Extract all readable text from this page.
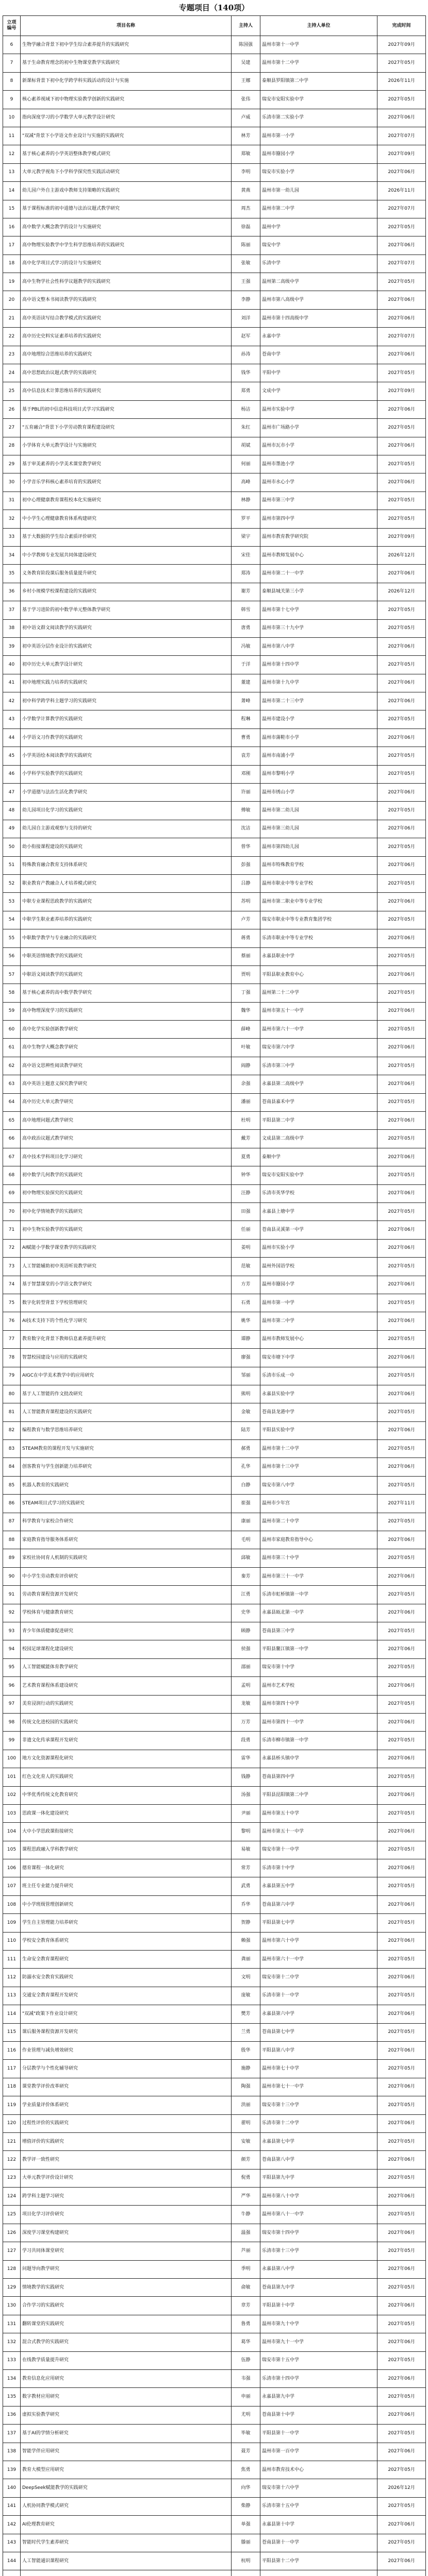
专题项目（140项）
立项
编号	项目名称	主持人	主持人单位	完成时间
6	生物学融合背景下初中学生综合素养提升的实践研究	陈国强	温州市第十一中学	2027年09月
7	基于生命教育理念的初中生物课堂教学实践研究	吴建	温州市第十二中学	2027年05月
8	新课标背景下初中化学跨学科实践活动的设计与实施	王娜	泰顺县罗阳镇第二中学	2026年11月
9	核心素养视域下初中物理实验教学创新的实践研究	张伟	瑞安市安阳实验中学	2027年05月
10	指向深度学习的小学数学大单元教学设计研究	卢威	乐清市第二实验小学	2027年06月
11	"双减"背景下小学语文作业设计与实施的实践研究	林芳	温州市第一小学	2027年07月
12	基于核心素养的小学英语整体教学模式研究	郑敏	温州市籀园小学	2027年09月
13	大单元教学视角下小学科学探究性实践活动研究	李明	瑞安市实验小学	2027年06月
14	幼儿园户外自主游戏中教师支持策略的实践研究	黄燕	温州市第一幼儿园	2026年11月
15	基于课程标准的初中道德与法治议题式教学研究	周杰	温州市第二中学	2027年07月
16	高中数学大概念教学的设计与实施研究	徐磊	温州中学	2027年05月
17	高中物理实验教学中学生科学思维培养的实践研究	陈丽	瑞安中学	2027年06月
18	高中化学项目式学习的设计与实施研究	张敏	乐清中学	2027年07月
19	高中生物学社会性科学议题教学的实践研究	王强	温州第二高级中学	2027年05月
20	高中语文整本书阅读教学的实践研究	李静	温州市第八高级中学	2027年06月
21	高中英语读写结合教学模式的实践研究	刘洋	温州市第十四高级中学	2027年06月
22	高中历史史料实证素养培养的实践研究	赵军	永嘉中学	2027年07月
23	高中地理综合思维培养的实践研究	孙涛	苍南中学	2027年06月
24	高中思想政治议题式教学的实践研究	钱华	平阳中学	2027年05月
25	高中信息技术计算思维培养的实践研究	郑勇	文成中学	2027年09月
26	基于PBL的初中信息科技项目式学习实践研究	杨洁	温州市实验中学	2027年06月
27	"五育融合"背景下小学劳动教育课程建设研究	朱红	温州市广场路小学	2027年05月
28	小学体育大单元教学设计与实施研究	胡斌	温州市瓦市小学	2027年06月
29	基于审美素养的小学美术课堂教学研究	何丽	温州市墨池小学	2027年05月
30	小学音乐学科核心素养培育的实践研究	高峰	温州市水心小学	2027年06月
31	初中心理健康教育课程校本化实施研究	林静	温州市第三中学	2027年05月
32	中小学生心理健康教育体系构建研究	罗平	温州市第四中学	2027年05月
33	基于大数据的学生综合素质评价研究	梁宇	温州市教育教学研究院	2027年09月
34	中小学教师专业发展共同体建设研究	宋佳	温州市教师发展中心	2026年12月
35	义务教育阶段课后服务质量提升研究	郑涛	温州市第二十一中学	2027年06月
36	乡村小规模学校课程建设的实践研究	谢芳	泰顺县城关第三小学	2026年12月
37	基于学习进阶的初中数学单元整体教学研究	韩雪	温州市第十七中学	2027年05月
38	初中语文群文阅读教学的实践研究	唐勇	温州市第三十九中学	2027年05月
39	初中英语分层作业设计的实践研究	冯敏	温州市第八中学	2027年06月
40	初中历史大单元教学设计研究	于洋	温州市第十四中学	2027年05月
41	初中地理实践力培养的实践研究	董建	温州市第十九中学	2027年06月
42	初中科学跨学科主题学习的实践研究	萧峰	温州市第二十三中学	2027年06月
43	小学数学计算教学的实践研究	程琳	温州市建设小学	2027年05月
44	小学语文习作教学的实践研究	曹勇	温州市蒲鞋市小学	2027年06月
45	小学英语绘本阅读教学的实践研究	袁芳	温州市南浦小学	2027年05月
46	小学科学实验教学的实践研究	邓刚	温州市黎明小学	2027年05月
47	小学道德与法治生活化教学研究	许丽	温州市绣山小学	2027年06月
48	幼儿园项目化学习的实践研究	傅敏	温州市第二幼儿园	2027年05月
49	幼儿园自主游戏观察与支持的研究	沈洁	温州市第三幼儿园	2027年06月
50	幼小衔接课程建设的实践研究	曾华	温州市第四幼儿园	2027年05月
51	特殊教育融合教育支持体系研究	彭强	温州市特殊教育学校	2027年06月
52	职业教育产教融合人才培养模式研究	吕静	温州市职业中等专业学校	2027年05月
53	中职专业课程思政教学的实践研究	苏明	温州市第二职业中等专业学校	2027年06月
54	中职学生职业素养培养的实践研究	卢芳	瑞安市职业中等专业教育集团学校	2027年05月
55	中职数学教学与专业融合的实践研究	蒋勇	乐清市职业中等专业学校	2027年06月
56	中职英语情境教学的实践研究	蔡丽	永嘉县职业中学	2027年05月
57	中职语文阅读教学的实践研究	贾明	平阳县职业教育中心	2027年06月
58	基于核心素养的高中数学教学研究	丁强	温州第二十二中学	2027年05月
59	高中物理深度学习的实践研究	魏华	温州市第五十一中学	2027年06月
60	高中化学实验创新教学研究	薛峰	温州市第六十一中学	2027年05月
61	高中生物学大概念教学研究	叶敏	瑞安市第六中学	2027年06月
62	高中语文思辨性阅读教学研究	阎静	乐清市第三中学	2027年05月
63	高中英语主题意义探究教学研究	余强	永嘉县第二高级中学	2027年06月
64	高中历史大单元教学研究	潘丽	苍南县嘉禾中学	2027年05月
65	高中地理问题式教学研究	杜明	平阳县第二中学	2027年06月
66	高中政治议题式教学研究	戴芳	文成县第二高级中学	2027年05月
67	高中技术学科项目化学习研究	夏勇	泰顺中学	2027年06月
68	初中数学几何教学的实践研究	钟华	瑞安市安阳实验中学	2027年05月
69	初中物理实验探究的实践研究	汪静	乐清市英华学校	2027年06月
70	初中化学情境教学的实践研究	田强	永嘉县上塘中学	2027年05月
71	初中生物实验教学的实践研究	任丽	苍南县灵溪第一中学	2027年06月
72	AI赋能小学数学课堂教学的实践研究	姜明	温州市实验小学	2027年06月
73	人工智能辅助初中英语听说教学研究	范敏	温州外国语学校	2027年05月
74	基于智慧课堂的小学语文教学研究	方芳	温州市籀园小学	2027年06月
75	数字化转型背景下学校管理研究	石勇	温州市第一中学	2027年05月
76	AI技术支持下的个性化学习研究	姚华	温州市第二中学	2027年06月
77	教育数字化背景下教师信息素养提升研究	谭静	温州市教师发展中心	2027年05月
78	智慧校园建设与应用的实践研究	廖强	瑞安市塘下中学	2027年06月
79	AIGC在中学美术教学中的应用研究	邹丽	乐清市乐成一中	2027年05月
80	基于人工智能的作文批改研究	熊明	永嘉县实验中学	2027年06月
81	人工智能教育课程建设的实践研究	金敏	苍南县龙港中学	2027年05月
82	编程教育与数学思维培养研究	陆芳	平阳县实验中学	2027年06月
83	STEAM教育的课程开发与实施研究	郝勇	温州市第十二中学	2027年05月
84	创客教育与学生创新能力培养研究	孔华	温州市第十三中学	2027年06月
85	机器人教育的实践研究	白静	瑞安市第八中学	2027年05月
86	STEAM项目式学习的实践研究	崔强	温州市少年宫	2027年11月
87	科学教育与家校合作研究	康丽	温州市第二十中学	2027年05月
88	家庭教育指导服务体系研究	毛明	温州市家庭教育指导中心	2027年06月
89	家校社协同育人机制的实践研究	邱敏	温州市第三十中学	2027年05月
90	中小学生劳动教育评价研究	秦芳	温州市第三十一中学	2027年06月
91	劳动教育课程资源开发研究	江勇	乐清市虹桥镇第一中学	2027年05月
92	学校体育与健康教育研究	史华	永嘉县瓯北第一中学	2027年06月
93	青少年体质健康促进研究	顾静	苍南县第三中学	2027年05月
94	校园足球课程化建设研究	侯强	平阳县鳌江镇第一中学	2027年06月
95	人工智能赋能体育教学研究	邵丽	瑞安市第十中学	2027年05月
96	艺术教育课程体系建设研究	孟明	温州市艺术学校	2027年06月
97	美育浸润行动的实践研究	龙敏	温州市第四十中学	2027年05月
98	传统文化进校园的实践研究	万芳	温州市第四十一中学	2027年06月
99	非遗文化传承课程开发研究	段勇	乐清市柳市镇第一中学	2027年05月
100	地方文化资源课程化研究	雷华	永嘉县桥头镇中学	2027年06月
101	红色文化育人的实践研究	钱静	苍南县第四中学	2027年05月
102	中华优秀传统文化教育研究	汤强	平阳县昆阳镇第二中学	2027年06月
103	思政课一体化建设研究	尹丽	温州市第五十中学	2027年05月
104	大中小学思政课衔接研究	黎明	温州市第五十一中学	2027年06月
105	课程思政融入学科教学研究	易敏	瑞安市第十一中学	2027年05月
106	德育课程一体化研究	常芳	乐清市第十中学	2027年06月
107	班主任专业能力提升研究	武勇	永嘉县第五中学	2027年05月
108	中小学班级管理创新研究	乔华	苍南县第六中学	2027年06月
109	学生自主管理能力培养研究	贺静	平阳县第七中学	2027年05月
110	学校安全教育体系研究	赖强	温州市第六十中学	2027年06月
111	生命安全教育课程研究	龚丽	温州市第六十一中学	2027年05月
112	防溺水安全教育实践研究	文明	瑞安市第十二中学	2027年06月
113	交通安全教育课程开发研究	庞敏	乐清市第十一中学	2027年05月
114	"双减"政策下作业设计研究	樊芳	永嘉县第六中学	2027年06月
115	课后服务课程资源开发研究	兰勇	苍南县第七中学	2027年05月
116	作业管理与减负增效研究	殷华	平阳县第八中学	2027年06月
117	分层教学与个性化辅导研究	施静	温州市第七十中学	2027年05月
118	课堂教学评价改革研究	陶强	温州市第七十一中学	2027年06月
119	学业质量评价体系研究	洪丽	瑞安市第十三中学	2027年05月
120	过程性评价的实践研究	翟明	乐清市第十二中学	2027年06月
121	增值评价的实践研究	安敏	永嘉县第七中学	2027年05月
122	教学评一致性研究	颜芳	苍南县第八中学	2027年06月
123	大单元教学评价设计研究	倪勇	平阳县第九中学	2027年05月
124	跨学科主题学习研究	严华	温州市第八十中学	2027年06月
125	项目化学习评价研究	牛静	温州市第八十一中学	2027年05月
126	深度学习课堂构建研究	温强	瑞安市第十四中学	2027年06月
127	学习共同体课堂研究	芦丽	乐清市第十三中学	2027年05月
128	问题导向教学研究	季明	永嘉县第八中学	2027年06月
129	情境教学的实践研究	俞敏	苍南县第九中学	2027年05月
130	合作学习的实践研究	章芳	平阳县第十中学	2027年06月
131	翻转课堂的实践研究	鲁勇	温州市第九十中学	2027年05月
132	混合式教学的实践研究	葛华	温州市第九十一中学	2027年06月
133	在线教学质量提升研究	伍静	瑞安市第十五中学	2027年05月
134	教育信息化应用研究	韦强	乐清市第十四中学	2027年06月
135	数字教材应用研究	申丽	永嘉县第九中学	2027年05月
136	虚拟实验教学研究	尤明	苍南县第十中学	2027年06月
137	基于AI的学情分析研究	毕敏	平阳县第十一中学	2027年05月
138	智能学伴应用研究	聂芳	温州市第一百中学	2027年06月
139	教育大模型应用研究	焦勇	温州市教育技术中心	2027年05月
140	DeepSeek赋能教学的实践研究	向华	瑞安市第十六中学	2026年12月
141	人机协同教学模式研究	柴静	乐清市第十五中学	2027年05月
142	AI伦理教育研究	单强	永嘉县第十中学	2027年06月
143	智能时代学生素养研究	滕丽	苍南县第十一中学	2027年05月
144	人工智能通识课程研究	杭明	平阳县第十二中学	2027年06月
